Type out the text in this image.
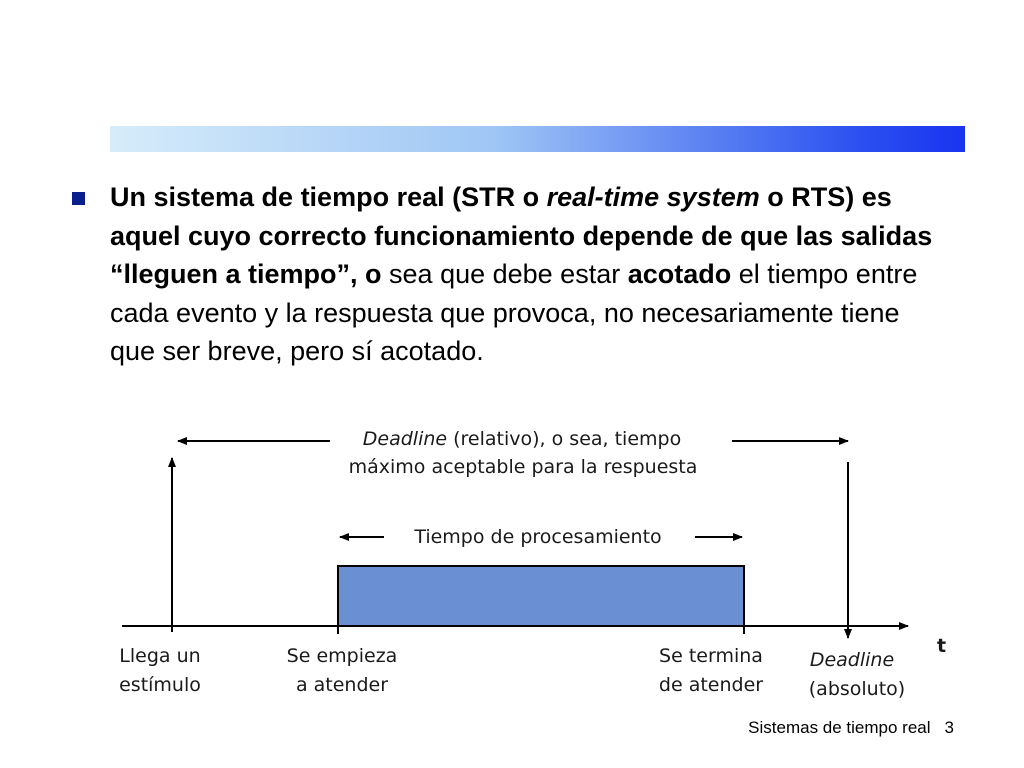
Un sistema de tiempo real (STR o real-time system o RTS) es aquel cuyo correcto funcionamiento depende de que las salidas “lleguen a tiempo”, o sea que debe estar acotado el tiempo entre cada evento y la respuesta que provoca, no necesariamente tiene que ser breve, pero sí acotado.
Deadline (relativo), o sea, tiempo
máximo aceptable para la respuesta
Tiempo de procesamiento
t
Llega un
estímulo
Se empieza
a atender
Se termina
de atender
Deadline
(absoluto)
Sistemas de tiempo real 3
